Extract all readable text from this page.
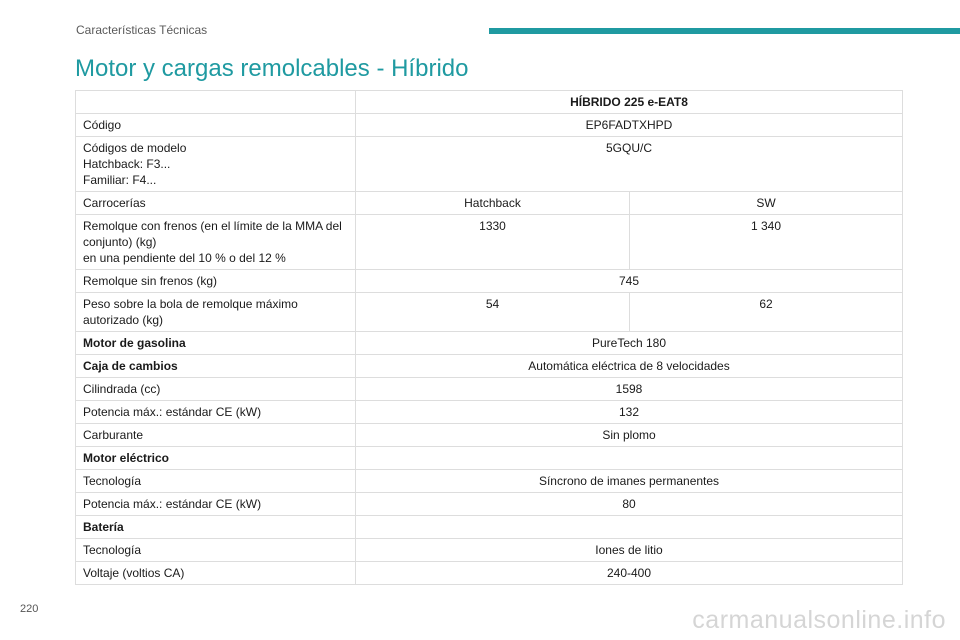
Características Técnicas
Motor y cargas remolcables - Híbrido
	HÍBRIDO 225 e-EAT8	
Código	EP6FADTXHPD	
Códigos de modelo
Hatchback: F3...
Familiar: F4...	5GQU/C	
Carrocerías	Hatchback	SW
Remolque con frenos (en el límite de la MMA del conjunto) (kg)
en una pendiente del 10 % o del 12 %	1330	1 340
Remolque sin frenos (kg)	745	
Peso sobre la bola de remolque máximo autorizado (kg)	54	62
Motor de gasolina	PureTech 180	
Caja de cambios	Automática eléctrica de 8 velocidades	
Cilindrada (cc)	1598	
Potencia máx.: estándar CE (kW)	132	
Carburante	Sin plomo	
Motor eléctrico		
Tecnología	Síncrono de imanes permanentes	
Potencia máx.: estándar CE (kW)	80	
Batería		
Tecnología	Iones de litio	
Voltaje (voltios CA)	240-400	
220	carmanualsonline.info
